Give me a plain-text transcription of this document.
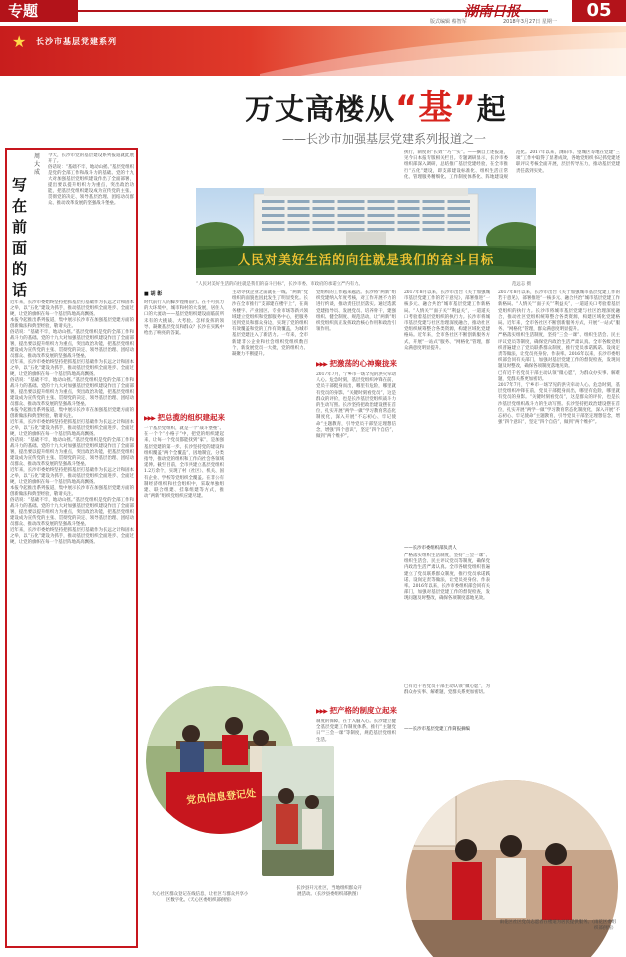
专题	湖南日报	05
版式编辑 蔡智军	2018年3月27日 星期一
★ 长沙市基层党建系列
万丈高楼从“基”起
——长沙市加强基层党建系列报道之一
写在前面的话
周大成

今天，长沙市党的基层建设系列报道就此展开了。

俗话说：“基础不牢，地动山摇。”基层党组织是党的全部工作和战斗力的基础。党的十九大对加强基层党组织建设作出了全面部署，提出要以提升组织力为重点，突出政治功能，把基层党组织建设成为宣传党的主张、贯彻党的决定、领导基层治理、团结动员群众、推动改革发展的坚强战斗堡垒。

近年来，长沙市委始终坚持把抓基层打基础作为长远之计和固本之举，以“五化”建设为抓手，推动基层党组织全面进步、全面过硬，让党的旗帜在每一个基层阵地高高飘扬。

本报今起推出系列报道，集中展示长沙市在加强基层党建方面的创新做法和典型经验，敬请关注。

俗话说：“基础不牢，地动山摇。”基层党组织是党的全部工作和战斗力的基础。党的十九大对加强基层党组织建设作出了全面部署，提出要以提升组织力为重点，突出政治功能，把基层党组织建设成为宣传党的主张、贯彻党的决定、领导基层治理、团结动员群众、推动改革发展的坚强战斗堡垒。

近年来，长沙市委始终坚持把抓基层打基础作为长远之计和固本之举，以“五化”建设为抓手，推动基层党组织全面进步、全面过硬，让党的旗帜在每一个基层阵地高高飘扬。

俗话说：“基础不牢，地动山摇。”基层党组织是党的全部工作和战斗力的基础。党的十九大对加强基层党组织建设作出了全面部署，提出要以提升组织力为重点，突出政治功能，把基层党组织建设成为宣传党的主张、贯彻党的决定、领导基层治理、团结动员群众、推动改革发展的坚强战斗堡垒。

本报今起推出系列报道，集中展示长沙市在加强基层党建方面的创新做法和典型经验，敬请关注。

近年来，长沙市委始终坚持把抓基层打基础作为长远之计和固本之举，以“五化”建设为抓手，推动基层党组织全面进步、全面过硬，让党的旗帜在每一个基层阵地高高飘扬。

俗话说：“基础不牢，地动山摇。”基层党组织是党的全部工作和战斗力的基础。党的十九大对加强基层党组织建设作出了全面部署，提出要以提升组织力为重点，突出政治功能，把基层党组织建设成为宣传党的主张、贯彻党的决定、领导基层治理、团结动员群众、推动改革发展的坚强战斗堡垒。

近年来，长沙市委始终坚持把抓基层打基础作为长远之计和固本之举，以“五化”建设为抓手，推动基层党组织全面进步、全面过硬，让党的旗帜在每一个基层阵地高高飘扬。

本报今起推出系列报道，集中展示长沙市在加强基层党建方面的创新做法和典型经验，敬请关注。

俗话说：“基础不牢，地动山摇。”基层党组织是党的全部工作和战斗力的基础。党的十九大对加强基层党组织建设作出了全面部署，提出要以提升组织力为重点，突出政治功能，把基层党组织建设成为宣传党的主张、贯彻党的决定、领导基层治理、团结动员群众、推动改革发展的坚强战斗堡垒。

近年来，长沙市委始终坚持把抓基层打基础作为长远之计和固本之举，以“五化”建设为抓手，推动基层党组织全面进步、全面过硬，让党的旗帜在每一个基层阵地高高飘扬。

人民对美好生活的向往就是我们的奋斗目标
“人民对美好生活的向往就是我们的奋斗目标”，长沙市委、市政府的承诺立严内有力。	范远志 摄
■ 胡 彰
时代前行人的脚步铿锵前行。在不可抗力的大环境中，城市和村的大发展，居住人口的大流动——基层党组织建设面临前所未有的大挑战、大考验。怎样发挥的领导、凝聚基层党员和群众？长沙在实践中给出了响亮的答案。
▶▶▶ 把总揽的组织建起来
一个基层党组织，就是一个“战斗堡垒”。在一个个“小格子”中，把党的组织建起来，让每一个党员都能找到“家”，是加强基层党建的第一步。长沙坚持党的建设和组织覆盖“两个全覆盖”，因地制宜、分类指导，推动党的组织和工作向社会各领域延伸。截至目前，全市共建立基层党组织1.2万余个，实现了村（社区）、机关、国有企业、学校等党组织全覆盖。在非公有制经济组织和社会组织中，采取单独组建、联合组建、挂靠组建等方式，推动“两新”组织党组织应建尽建。
主动寻找企业之前就在一线。“两新”党组织的面貌也因此发生了明显变化。长沙在全市推行“支部建在楼宇上”，在商务楼宇、产业园区、专业市场等新兴领域建立党组织和党群服务中心，把服务送到党员和群众身边，实现了党的组织有效覆盖和党的工作有效覆盖，为城市基层党建注入了新活力。一年来，全市新建非公企业和社会组织党组织数百个，新发展党员一大批，党的组织力、凝聚力不断提升。
党组织的工作越来越活。长沙将“两新”组织党建纳入年度考核，对工作开展不力的进行约谈，推动责任层层落实。通过选派党建指导员、发展党员、培养骨干，建强组织、健全制度、规范活动，让“两新”组织党组织真正发挥政治核心作用和政治引领作用。
▶▶▶ 把激荡的心神聚拢来
2017年7月，宁乡市一场罕见的洪灾牵动人心。危急时刻，基层党组织冲锋在前，党员干部挺身而出，哪里有危险，哪里就有党员的身影。“关键时刻看党员”，这是群众的评价，也是长沙基层党组织战斗力的生动写照。长沙坚持把政治建设摆在首位，扎实开展“两学一做”学习教育常态化制度化，深入开展“不忘初心、牢记使命”主题教育，引导党员干部坚定理想信念，增强“四个意识”，坚定“四个自信”，做到“两个维护”。
▶▶▶ 把产格的制度立起来
制度的保障，在于入脑入心。长沙建立健全基层党建工作制度体系，推行“主题党日”“三会一课”等制度，规范基层党组织生活。
执行，制度的“长效”“巧”“实”。——摘自上述报道，见今日本报专版相关栏目。专题调研显示，长沙市委组织部深入调研，总结推广基层党建经验，在全市推行“五化”建设，即支部建设标准化、组织生活正常化、管理服务精细化、工作制度体系化、阵地建设规范化。2017年以来，浏阳市、望城区等地在党建“三项”工作中取得了显著成效，各地党组织书记抓党建述职评议考核全面开展，层层传导压力，推动基层党建责任落到实处。
2017年8月以来，长沙市出台《关于加强城市基层党建工作的若干意见》，部署推进“一核多元、融合共治”城市基层党建工作新格局。“人情关”“面子关”“利益关”，一道道关口考验着基层党组织的执行力。长沙市将城市基层党建与社区治理深度融合，推动社区党组织统筹整合各类资源，构建区域化党建格局。近年来，全市各社区不断创新服务方式，开展“一站式”服务、“网格化”管理，群众满意度明显提升。
——长沙市委组织部负责人
严格落实组织生活制度，坚持“三会一课”、组织生活会、民主评议党员等制度，确保党内政治生活严肃认真。全市各级党组织普遍建立了党员联系群众制度，推行党员承诺践诺、设岗定责等做法，让党员亮身份、作表率。2016年以来，长沙市委组织部会同有关部门，加强对基层党建工作的督促检查，发现问题及时整改，确保各项制度落地见效。
已有近千名党员干部主动认领“微心愿”，为群众办实事、解难题，党群关系更加密切。
——长沙市基层党建工作简报摘编

2017年8月以来，长沙市出台《关于加强城市基层党建工作的若干意见》，部署推进“一核多元、融合共治”城市基层党建工作新格局。“人情关”“面子关”“利益关”，一道道关口考验着基层党组织的执行力。长沙市将城市基层党建与社区治理深度融合，推动社区党组织统筹整合各类资源，构建区域化党建格局。近年来，全市各社区不断创新服务方式，开展“一站式”服务、“网格化”管理，群众满意度明显提升。

严格落实组织生活制度，坚持“三会一课”、组织生活会、民主评议党员等制度，确保党内政治生活严肃认真。全市各级党组织普遍建立了党员联系群众制度，推行党员承诺践诺、设岗定责等做法，让党员亮身份、作表率。2016年以来，长沙市委组织部会同有关部门，加强对基层党建工作的督促检查，发现问题及时整改，确保各项制度落地见效。

已有近千名党员干部主动认领“微心愿”，为群众办实事、解难题，党群关系更加密切。

2017年7月，宁乡市一场罕见的洪灾牵动人心。危急时刻，基层党组织冲锋在前，党员干部挺身而出，哪里有危险，哪里就有党员的身影。“关键时刻看党员”，这是群众的评价，也是长沙基层党组织战斗力的生动写照。长沙坚持把政治建设摆在首位，扎实开展“两学一做”学习教育常态化制度化，深入开展“不忘初心、牢记使命”主题教育，引导党员干部坚定理想信念，增强“四个意识”，坚定“四个自信”，做到“两个维护”。

党员信息登记处
大心社区群众登记在线信息，让社区与群众共享小区数字化。（天心区委组织部供图）
长沙县开元社区，当地组织群众开展活动。（长沙县委组织部供图）
雨花区社区党员志愿者在楼道为居民提供服务。（雨花区委组织部供图）
